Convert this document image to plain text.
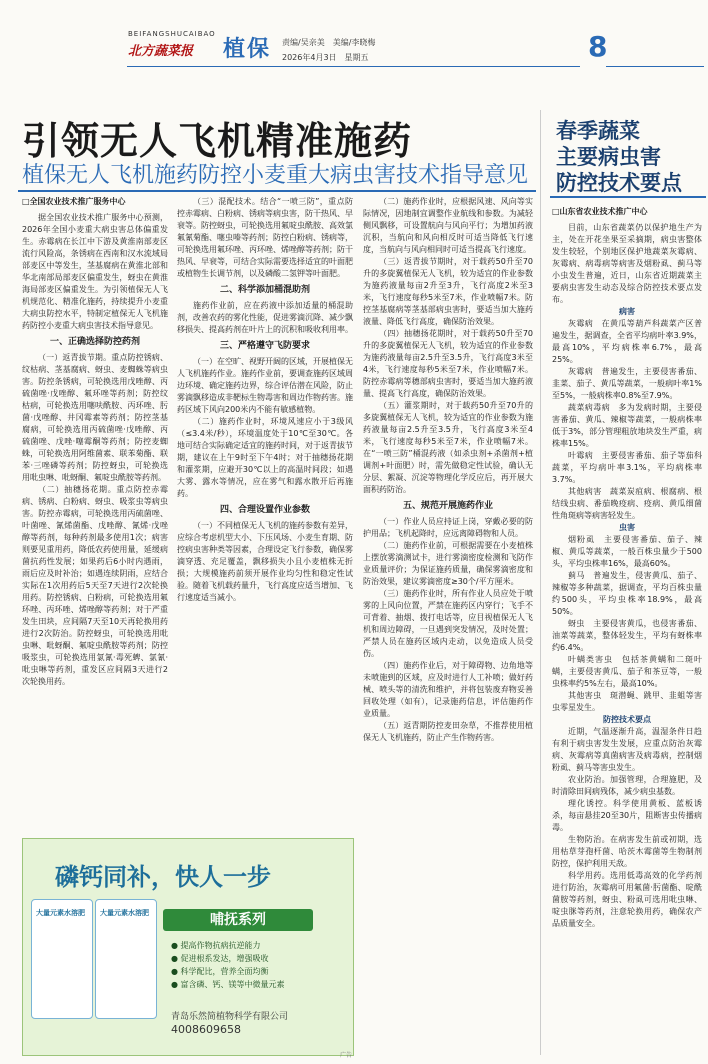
BEIFANGSHUCAIBAO
北方蔬菜报 植保 责编/吴亲美　美编/李晓梅
2026年4月3日　星期五	8
引领无人飞机精准施药
植保无人飞机施药防控小麦重大病虫害技术指导意见
春季蔬菜
主要病虫害
防控技术要点

□全国农业技术推广服务中心

据全国农业技术推广服务中心预测，2026年全国小麦重大病虫害总体偏重发生。赤霉病在长江中下游及黄淮南部麦区流行风险高，条锈病在西南和汉水流域局部麦区中等发生，茎基腐病在黄淮北部和华北南部局部麦区偏重发生，蚜虫在黄淮海局部麦区偏重发生。为引领植保无人飞机规范化、精准化施药，持续提升小麦重大病虫防控水平，特制定植保无人飞机施药防控小麦重大病虫害技术指导意见。

一、正确选择防控药剂

（一）返青拔节期。重点防控锈病、纹枯病、茎基腐病、蚜虫、麦蜘蛛等病虫害。防控条锈病，可轮换选用戊唑醇、丙硫菌唑·戊唑醇、氟环唑等药剂；防控纹枯病，可轮换选用噻呋酰胺、丙环唑、肟菌·戊唑醇、井冈霉素等药剂；防控茎基腐病，可轮换选用丙硫菌唑·戊唑醇、丙硫菌唑、戊唑·噻霉酮等药剂；防控麦蜘蛛，可轮换选用阿维菌素、联苯菊酯、联苯·三唑磷等药剂；防控蚜虫，可轮换选用吡虫啉、吡蚜酮、氟啶虫酰胺等药剂。

（二）抽穗扬花期。重点防控赤霉病、锈病、白粉病、蚜虫、吸浆虫等病虫害。防控赤霉病，可轮换选用丙硫菌唑、叶菌唑、氰烯菌酯、戊唑醇、氰烯·戊唑醇等药剂，每种药剂最多使用1次；病害则要见重用药，降低农药使用量，延缓病菌抗药性发展；如果药后6小时内遇雨，雨后应及时补治；如遇连续阴雨，应结合实际在1次用药后5天至7天进行2次轮换用药。防控锈病、白粉病，可轮换选用氟环唑、丙环唑、烯唑醇等药剂；对于严重发生田块，应间隔7天至10天再轮换用药进行2次防治。防控蚜虫，可轮换选用吡虫啉、吡蚜酮、氟啶虫酰胺等药剂；防控吸浆虫，可轮换选用氯氰·毒死蜱、氯氰·吡虫啉等药剂，重发区应间隔3天进行2次轮换用药。

（三）混配技术。结合“一喷三防”，重点防控赤霉病、白粉病、锈病等病虫害，防干热风、早衰等。防控蚜虫，可轮换选用氟啶虫酰胺、高效氯氟氰菊酯、噻虫嗪等药剂；防控白粉病、锈病等，可轮换选用氟环唑、丙环唑、烯唑醇等药剂；防干热风、早衰等，可结合实际需要选择适宜的叶面肥或植物生长调节剂，以及磷酸二氢钾等叶面肥。

二、科学添加桶混助剂

施药作业前，应在药液中添加适量的桶混助剂，改善农药的雾化性能，促进雾滴沉降、减少飘移损失、提高药剂在叶片上的沉积和吸收利用率。

三、严格遵守飞防要求

（一）在空旷、视野开阔的区域，开展植保无人飞机施药作业。施药作业前，要调查施药区域周边环境、确定施药边界，综合评估潜在风险，防止雾滴飘移造成非靶标生物毒害和周边作物药害。施药区域下风向200米内不能有敏感植物。

（二）施药作业时，环境风速应小于3级风（≤3.4米/秒），环境温度处于10℃至30℃。各地可结合实际确定适宜的施药时间，对于返青拔节期，建议在上午9时至下午4时；对于抽穗扬花期和灌浆期，应避开30℃以上的高温时间段；如遇大雾、露水等情况，应在雾气和露水散开后再施药。

四、合理设置作业参数

（一）不同植保无人飞机的施药参数有差异，应综合考虑机型大小、下压风场、小麦生育期、防控病虫害种类等因素，合理设定飞行参数，确保雾滴穿透、充足覆盖，飘移损失小且小麦植株无折损；大规模施药前须开展作业均匀性和稳定性试验。随着飞机载药量升，飞行高度应适当增加、飞行速度适当减小。

（二）施药作业时，应根据风速、风向等实际情况，因地制宜调整作业航线和参数。为减轻侧风飘移，可设置航向与风向平行；为增加药液沉积，当航向和风向相反时可适当降低飞行速度，当航向与风向相同时可适当提高飞行速度。

（三）返青拔节期时，对于载药50升至70升的多旋翼植保无人飞机，较为适宜的作业参数为施药液量每亩2升至3升，飞行高度2米至3米，飞行速度每秒5米至7米，作业喷幅7米。防控茎基腐病等茎基部病虫害时，要适当加大施药液量、降低飞行高度，确保防治效果。

（四）抽穗扬花期时，对于载药50升至70升的多旋翼植保无人飞机，较为适宜的作业参数为施药液量每亩2.5升至3.5升，飞行高度3米至4米，飞行速度每秒5米至7米，作业喷幅7米。防控赤霉病等穗部病虫害时，要适当加大施药液量、提高飞行高度，确保防治效果。

（五）灌浆期时，对于载药50升至70升的多旋翼植保无人飞机，较为适宜的作业参数为施药液量每亩2.5升至3.5升，飞行高度3米至4米，飞行速度每秒5米至7米，作业喷幅7米。在“一喷三防”桶混药液（如杀虫剂+杀菌剂+植调剂+叶面肥）时，需先做稳定性试验，确认无分层、絮凝、沉淀等物理化学反应后，再开展大面积药防治。

五、规范开展施药作业

（一）作业人员应持证上岗，穿戴必要的防护用品；飞机起降时，应远离障碍物和人员。

（二）施药作业前，可根据需要在小麦植株上摆放雾滴测试卡，进行雾滴密度检测和飞防作业质量评价；为保证施药质量，确保雾滴密度和防治效果，建议雾滴密度≥30个/平方厘米。

（三）施药作业时，所有作业人员应处于喷雾的上风向位置，严禁在施药区内穿行；飞手不可背着、抽烟、拨打电话等，应目视植保无人飞机和周边障碍，一旦遇到突发情况，及时处置；严禁人员在施药区域内走动，以免造成人员受伤。

（四）施药作业后，对于障碍物、边角地等未喷施到的区域，应及时进行人工补喷；做好药械、喷头等的清洗和维护，并将包装废弃物妥善回收处理（如有），记录施药信息，评估施药作业质量。

（五）返青期防控麦田杂草，不推荐使用植保无人飞机施药，防止产生作物药害。

□山东省农业技术推广中心

目前，山东省蔬菜仍以保护地生产为主，处在开花坐果至采摘期，病虫害整体发生较轻，个别地区保护地蔬菜灰霉病、灰霉病、病毒病等病害及烟粉虱、蓟马等小虫发生普遍，近日，山东省近期蔬菜主要病虫害发生动态及综合防控技术要点发布。

病害

灰霉病　在黄瓜等葫芦科蔬菜产区普遍发生，据调查，全省平均病叶率3.9%，最高10%，平均病株率6.7%，最高25%。

灰霉病　普遍发生，主要侵害番茄、韭菜、茄子、黄瓜等蔬菜，一般病叶率1%至5%，一般病株率0.8%至7.9%。

蔬菜病毒病　多为发病时期，主要侵害番茄、黄瓜、辣椒等蔬菜，一般病株率低于3%，部分管理粗放地块发生严重，病株率15%。

叶霉病　主要侵害番茄、茄子等茄科蔬菜，平均病叶率3.1%，平均病株率3.7%。

其他病害　蔬菜炭疽病、根腐病、根结线虫病、番茄晚疫病、疫病、黄瓜细菌性角斑病等病害轻发生。

虫害

烟粉虱　主要侵害番茄、茄子、辣椒、黄瓜等蔬菜，一般百株虫量少于500头，平均虫株率16%，最高60%。

蓟马　普遍发生，侵害黄瓜、茄子、辣椒等多种蔬菜，据调查，平均百株虫量约500头，平均虫株率18.9%，最高50%。

蚜虫　主要侵害黄瓜，也侵害番茄、油菜等蔬菜，整体轻发生，平均有蚜株率约6.4%。

叶螨类害虫　包括茶黄螨和二斑叶螨，主要侵害黄瓜、茄子和茶豆等，一般虫株率约5%左右，最高10%。

其他害虫　斑潜蝇、跳甲、韭蛆等害虫零星发生。

防控技术要点

近期，气温逐渐升高，温湿条件日趋有利于病虫害发生发展，应重点防治灰霉病、灰霉病等真菌病害及病毒病，控制烟粉虱、蓟马等害虫发生。

农业防治。加强管理，合理施肥，及时清除田间病残体，减少病虫基数。

理化诱控。科学使用黄板、蓝板诱杀，每亩悬挂20至30片，阻断害虫传播病毒。

生物防治。在病害发生前或初期，选用枯草芽孢杆菌、哈茨木霉菌等生物制剂防控，保护利用天敌。

科学用药。选用低毒高效的化学药剂进行防治，灰霉病可用氟菌·肟菌酯、啶酰菌胺等药剂，蚜虫、粉虱可选用吡虫啉、啶虫脒等药剂，注意轮换用药，确保农产品质量安全。

磷钙同补，快人一步
大量元素水溶肥	大量元素水溶肥	哺抚系列
● 提高作物抗病抗逆能力
● 促进根系发达，增强吸收
● 科学配比，营养全面均衡
● 富含磷、钙、镁等中微量元素
青岛乐然简植物科学有限公司
4008609658
广告
